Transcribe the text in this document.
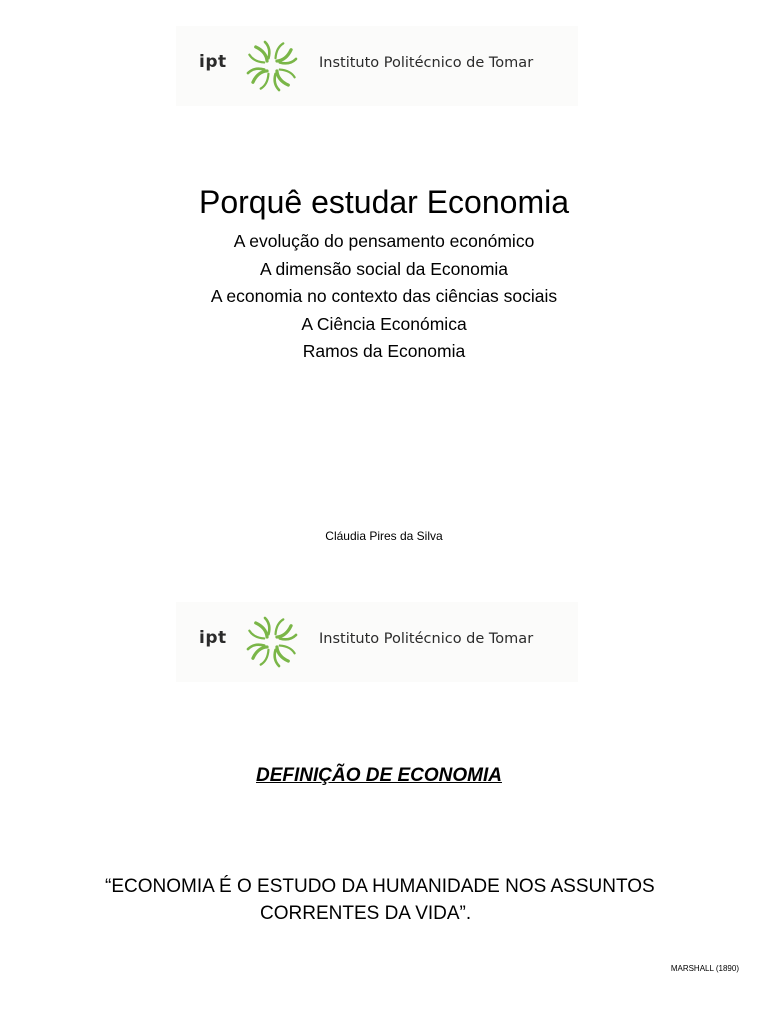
ipt	Instituto Politécnico de Tomar
Porquê estudar Economia
A evolução do pensamento económico
A dimensão social da Economia
A economia no contexto das ciências sociais
A Ciência Económica
Ramos da Economia
Cláudia Pires da Silva
ipt	Instituto Politécnico de Tomar
DEFINIÇÃO DE ECONOMIA
“ECONOMIA É O ESTUDO DA HUMANIDADE NOS ASSUNTOS
CORRENTES DA VIDA”.
MARSHALL (1890)
